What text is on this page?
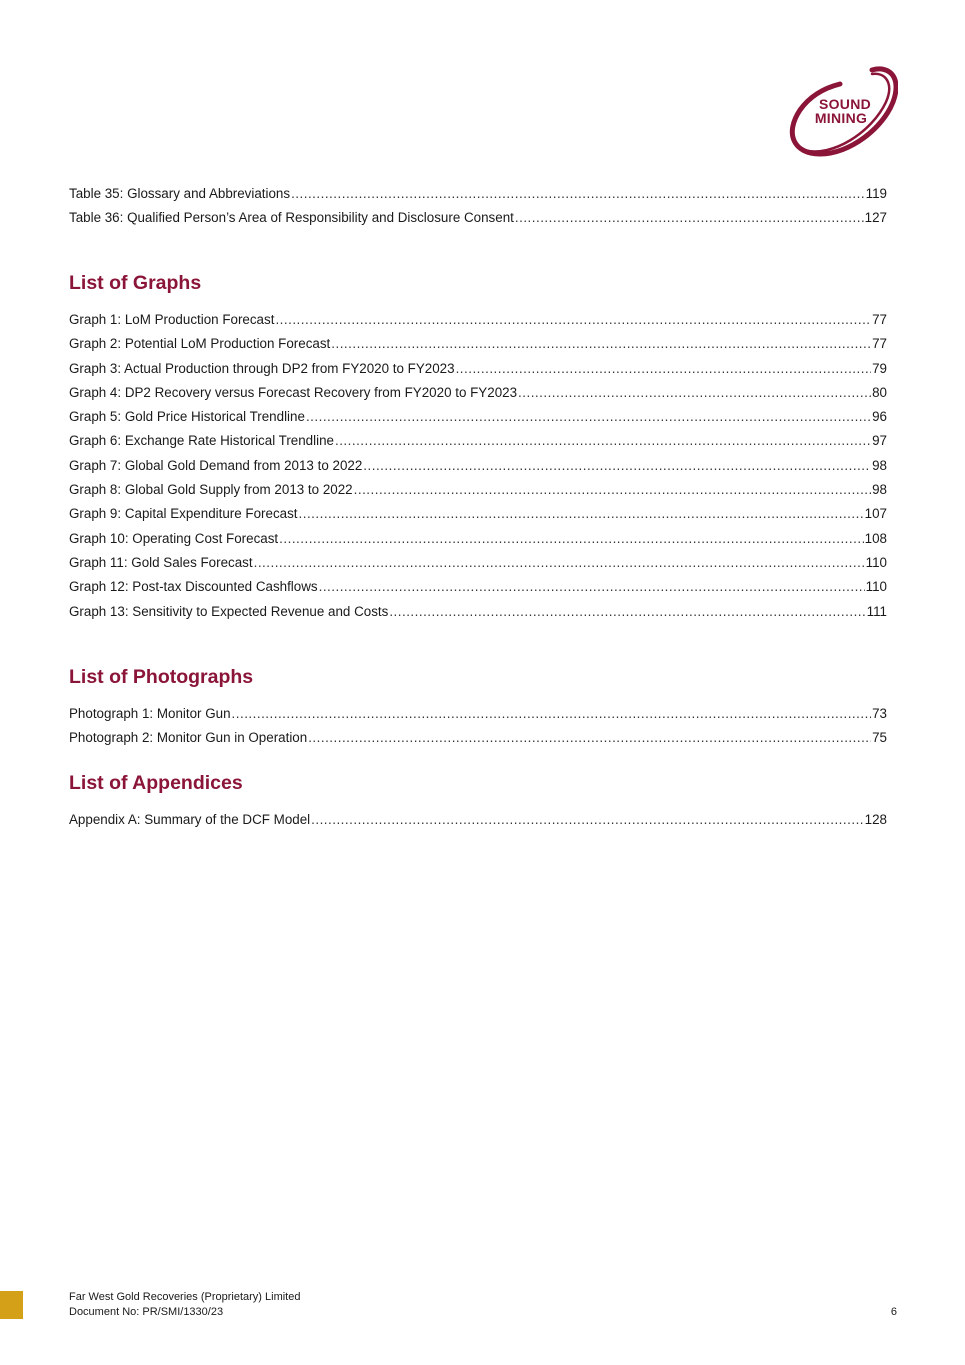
SOUND
MINING
Table 35: Glossary and Abbreviations .....	119
Table 36: Qualified Person’s Area of Responsibility and Disclosure Consent .....	127
List of Graphs
Graph 1: LoM Production Forecast .....	77
Graph 2: Potential LoM Production Forecast .....	77
Graph 3: Actual Production through DP2 from FY2020 to FY2023 .....	79
Graph 4: DP2 Recovery versus Forecast Recovery from FY2020 to FY2023 .....	80
Graph 5: Gold Price Historical Trendline .....	96
Graph 6: Exchange Rate Historical Trendline .....	97
Graph 7: Global Gold Demand from 2013 to 2022 .....	98
Graph 8: Global Gold Supply from 2013 to 2022 .....	98
Graph 9: Capital Expenditure Forecast .....	107
Graph 10: Operating Cost Forecast .....	108
Graph 11: Gold Sales Forecast .....	110
Graph 12: Post-tax Discounted Cashflows .....	110
Graph 13: Sensitivity to Expected Revenue and Costs .....	111
List of Photographs
Photograph 1: Monitor Gun .....	73
Photograph 2: Monitor Gun in Operation .....	75
List of Appendices
Appendix A: Summary of the DCF Model .....	128
Far West Gold Recoveries (Proprietary) Limited
Document No: PR/SMI/1330/23	6
